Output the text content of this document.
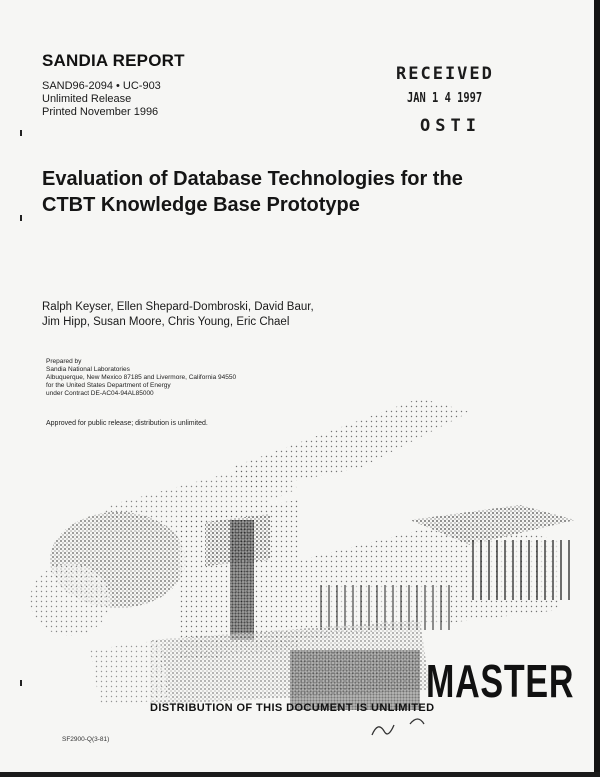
SANDIA REPORT
SAND96-2094 • UC-903
Unlimited Release
Printed November 1996
RECEIVED
JAN 1 4 1997
OSTI
Evaluation of Database Technologies for the
CTBT Knowledge Base Prototype
Ralph Keyser, Ellen Shepard-Dombroski, David Baur,
Jim Hipp, Susan Moore, Chris Young, Eric Chael
Prepared by
Sandia National Laboratories
Albuquerque, New Mexico 87185 and Livermore, California 94550
for the United States Department of Energy
under Contract DE-AC04-94AL85000
Approved for public release; distribution is unlimited.
MASTER
DISTRIBUTION OF THIS DOCUMENT IS UNLIMITED
SF2900-Q(3-81)
